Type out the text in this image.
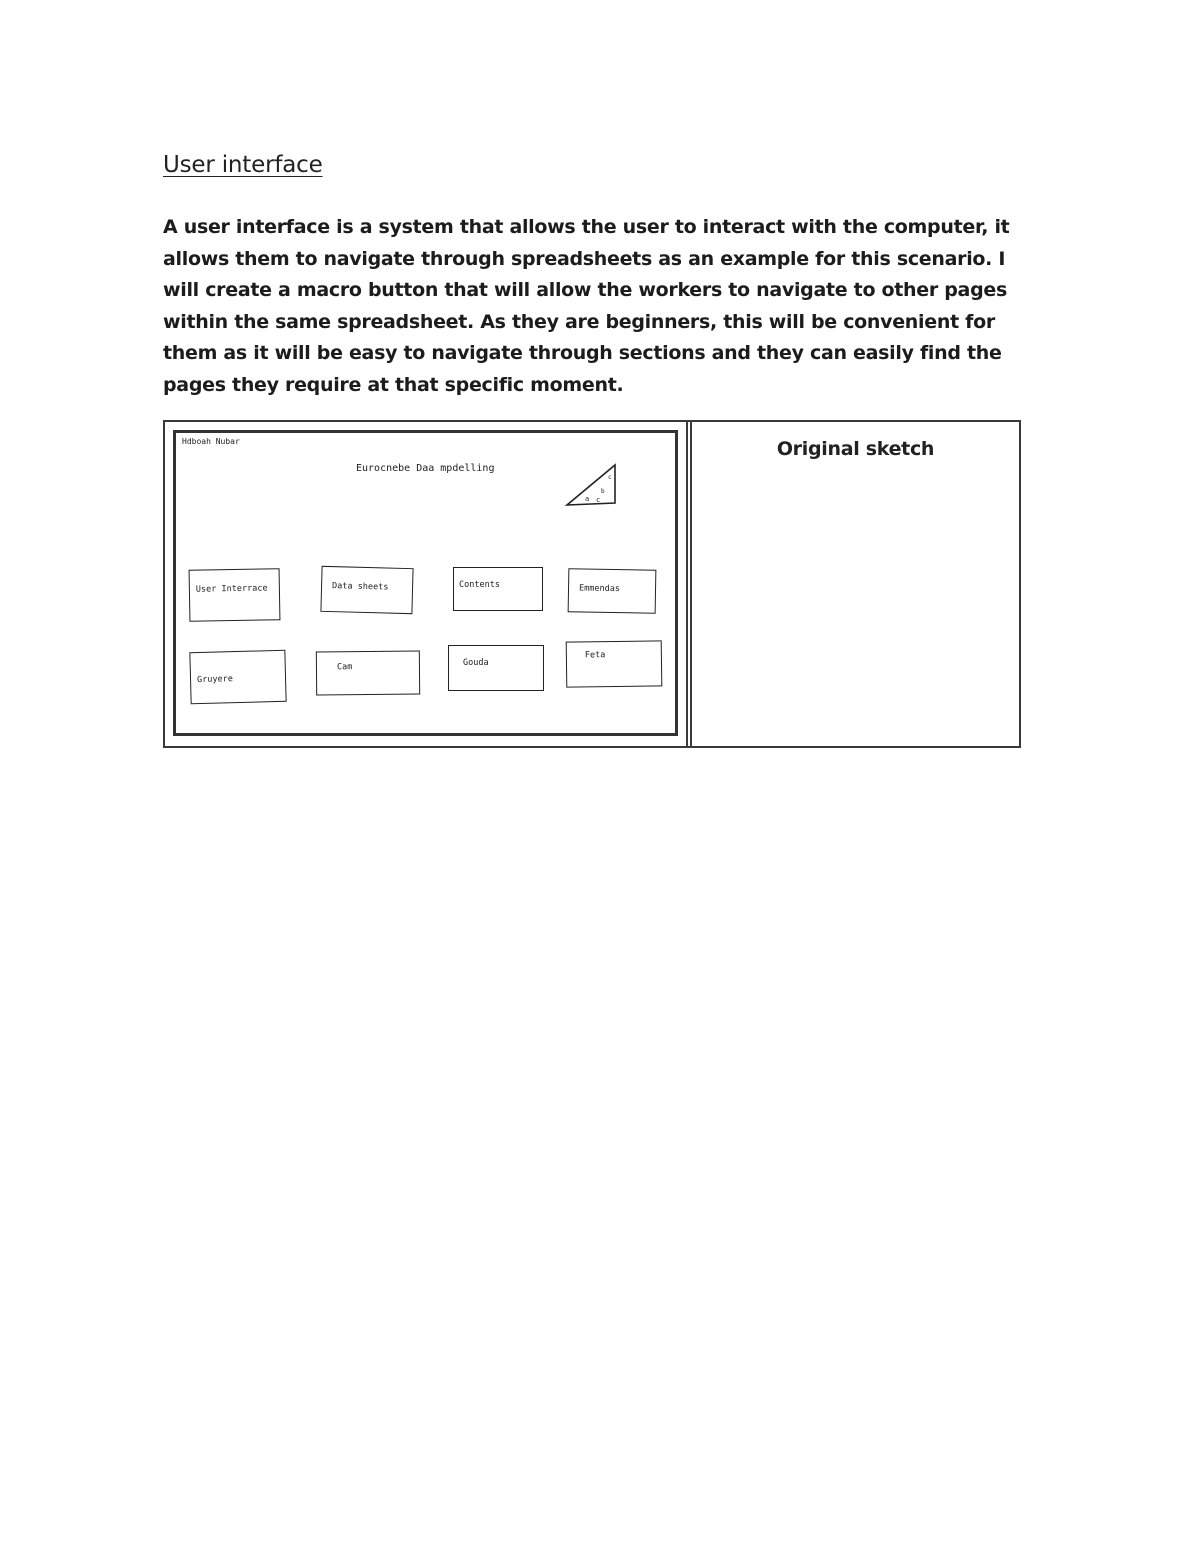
User interface

A user interface is a system that allows the user to interact with the computer, it allows them to navigate through spreadsheets as an example for this scenario. I will create a macro button that will allow the workers to navigate to other pages within the same spreadsheet. As they are beginners, this will be convenient for them as it will be easy to navigate through sections and they can easily find the pages they require at that specific moment.

Hdboah Nubar
Eurocnebe Daa mpdelling
a c
b
c
User Interrace	Data sheets	Contents	Emmendas
Gruyere
Cam	Gouda
Feta
Original sketch
